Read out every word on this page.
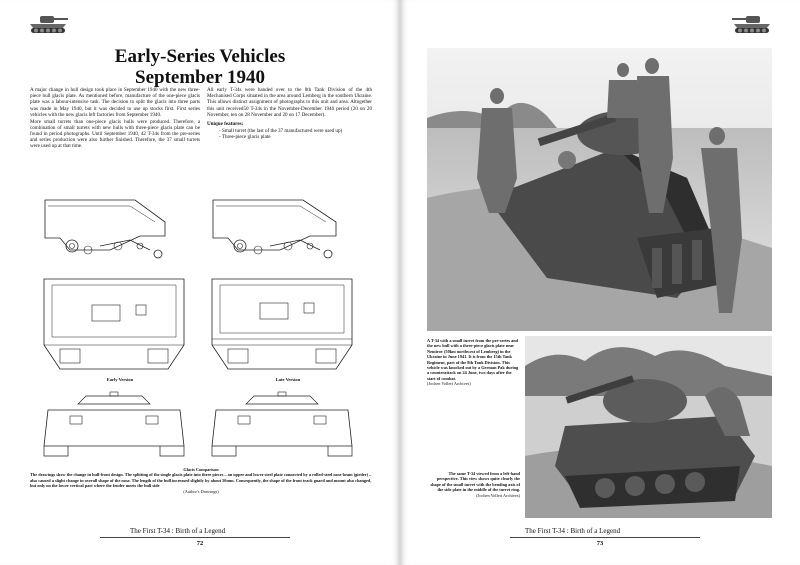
Early-Series Vehicles
September 1940

A major change in hull design took place in September 1940 with the new three-piece hull glacis plate. As mentioned before, manufacture of the one-piece glacis plate was a labour-intensive task. The decision to split the glacis into three parts was made in May 1940, but it was decided to use up stocks first. First series vehicles with the new glacis left factories from September 1940.

More small turrets than one-piece glacis hulls were produced. Therefore, a combination of small turrets with new hulls with three-piece glacis plate can be found in period photographs. Until September 1940, 42 T-34s from the pre-series and series production were also further finished. Therefore, the 37 small turrets were used up at that time.

All early T-34s were handed over to the 8th Tank Division of the 4th Mechanised Corps situated in the area around Lemberg in the southern Ukraine. This allows distinct assignment of photographs to this unit and area. Altogether this unit received50 T-34s in the November-December 1940 period (20 on 20 November, ten on 28 November and 20 on 17 December).

Unique features:

- Small turret (the last of the 37 manufactured were used up)
- Three-piece glacis plate
Early Version	Late Version
Glacis Comparison
The drawings show the change in hull-front design. The splitting of the single glacis plate into three pieces – an upper and lower steel plate connected by a rolled-steel nose beam (girder) – also caused a slight change in overall shape of the nose. The length of the hull increased slightly by about 50mm. Consequently, the shape of the front track guard and mount also changed, but only on the lower vertical part where the fender meets the hull side
(Author's Drawings)
The First T-34 : Birth of a Legend
72
A T-34 with a small turret from the pre-series and the new hull with a three-piece glacis plate near Nemirov (50km northwest of Lemberg) in the Ukraine in June 1941. It is from the 15th Tank Regiment, part of the 8th Tank Division. This vehicle was knocked out by a German Pak during a counterattack on 24 June, two days after the start of combat.
(Jochen Vollert Archives)
The same T-34 viewed from a left-hand perspective. This view shows quite clearly the shape of the small turret with the bending axis of the side plate in the middle of the turret ring.
(Jochen Vollert Archives)
The First T-34 : Birth of a Legend
73
